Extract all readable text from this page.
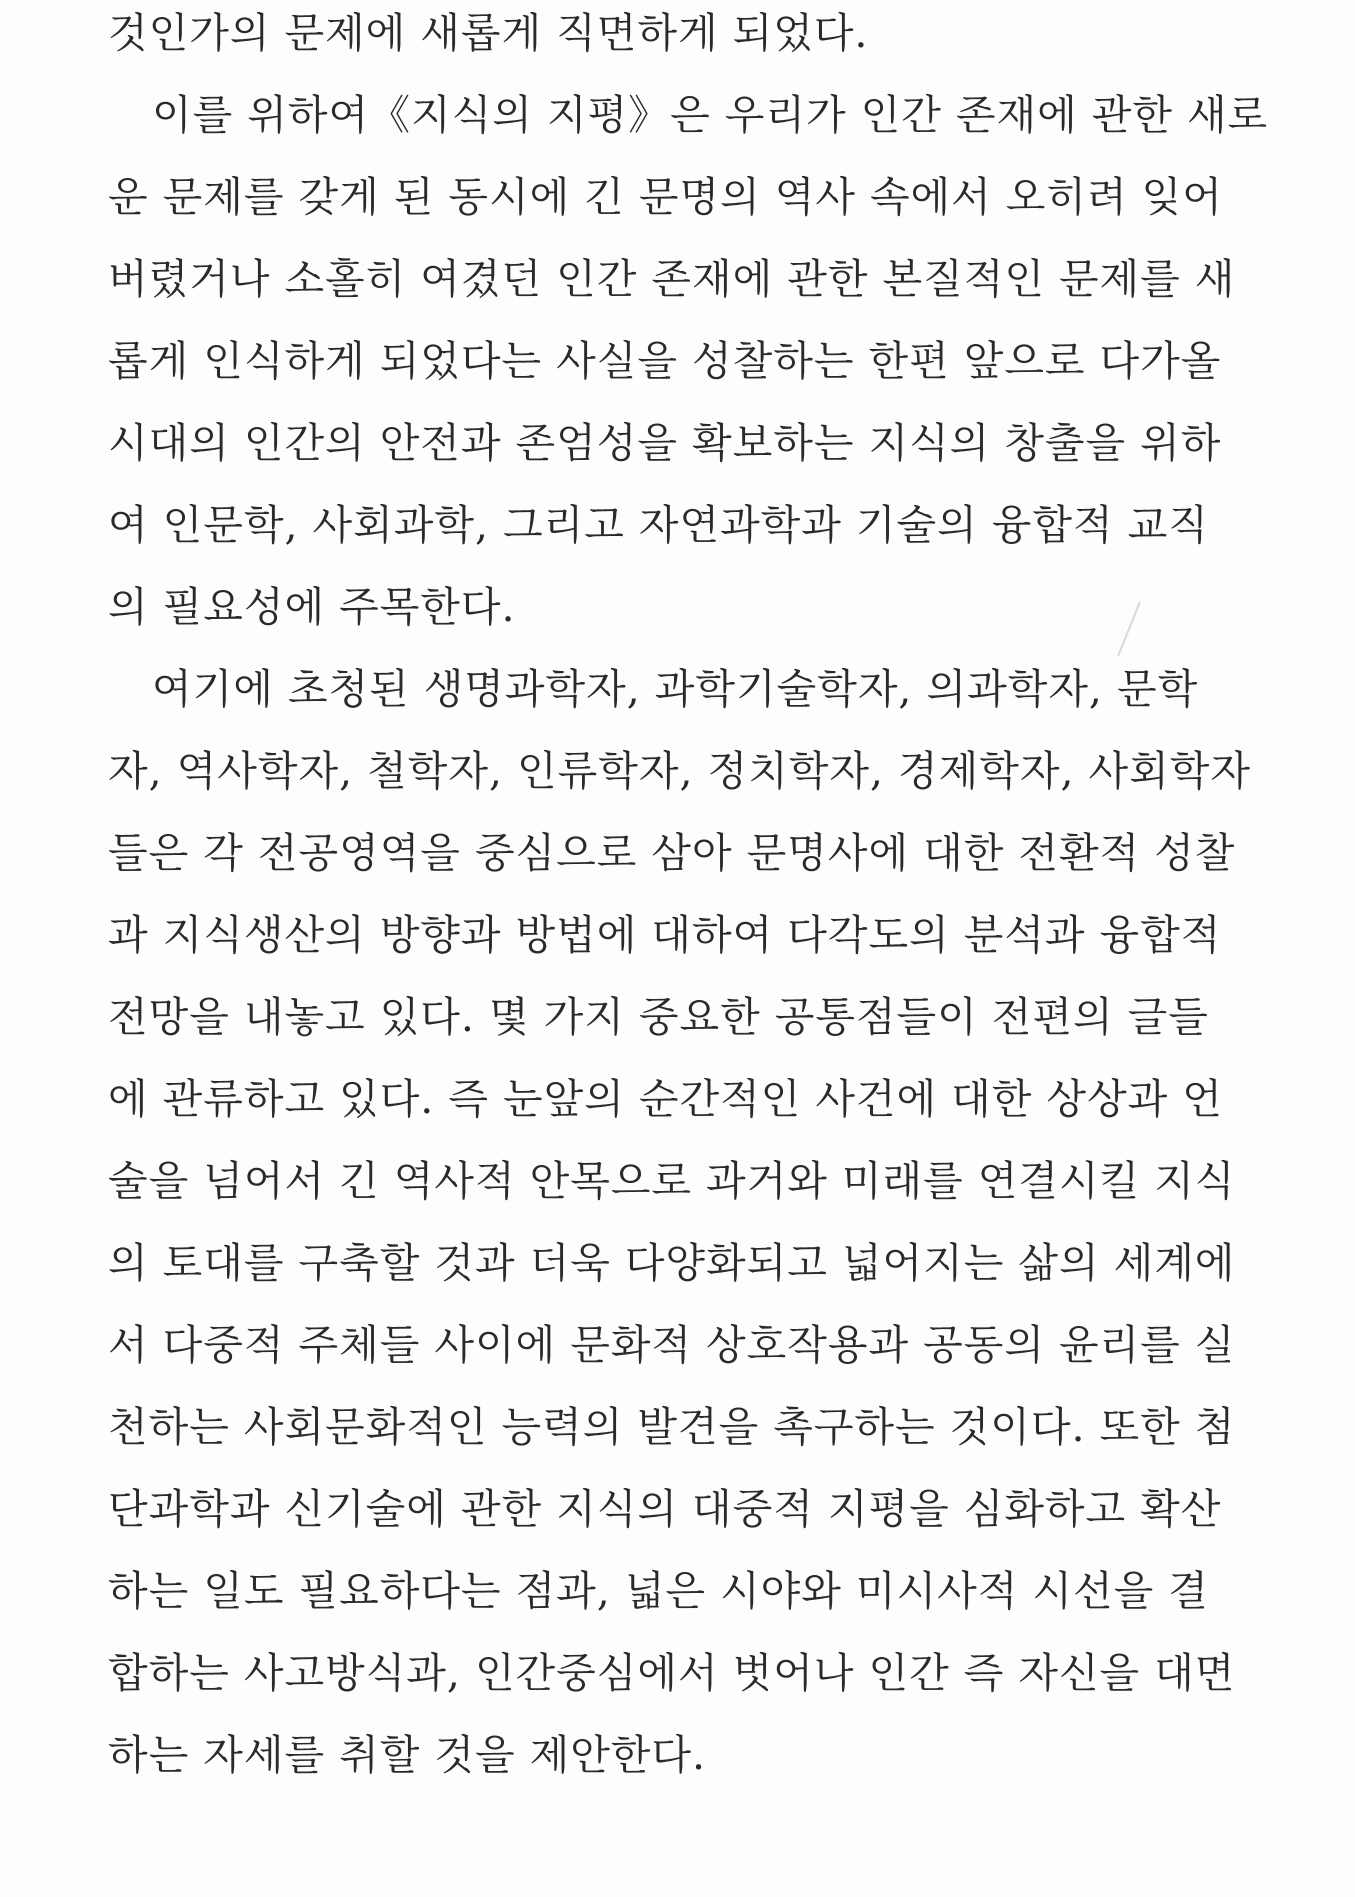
것인가의 문제에 새롭게 직면하게 되었다.
이를 위하여《지식의 지평》은 우리가 인간 존재에 관한 새로
운 문제를 갖게 된 동시에 긴 문명의 역사 속에서 오히려 잊어
버렸거나 소홀히 여겼던 인간 존재에 관한 본질적인 문제를 새
롭게 인식하게 되었다는 사실을 성찰하는 한편 앞으로 다가올
시대의 인간의 안전과 존엄성을 확보하는 지식의 창출을 위하
여 인문학, 사회과학, 그리고 자연과학과 기술의 융합적 교직
의 필요성에 주목한다.
여기에 초청된 생명과학자, 과학기술학자, 의과학자, 문학
자, 역사학자, 철학자, 인류학자, 정치학자, 경제학자, 사회학자
들은 각 전공영역을 중심으로 삼아 문명사에 대한 전환적 성찰
과 지식생산의 방향과 방법에 대하여 다각도의 분석과 융합적
전망을 내놓고 있다. 몇 가지 중요한 공통점들이 전편의 글들
에 관류하고 있다. 즉 눈앞의 순간적인 사건에 대한 상상과 언
술을 넘어서 긴 역사적 안목으로 과거와 미래를 연결시킬 지식
의 토대를 구축할 것과 더욱 다양화되고 넓어지는 삶의 세계에
서 다중적 주체들 사이에 문화적 상호작용과 공동의 윤리를 실
천하는 사회문화적인 능력의 발견을 촉구하는 것이다. 또한 첨
단과학과 신기술에 관한 지식의 대중적 지평을 심화하고 확산
하는 일도 필요하다는 점과, 넓은 시야와 미시사적 시선을 결
합하는 사고방식과, 인간중심에서 벗어나 인간 즉 자신을 대면
하는 자세를 취할 것을 제안한다.
